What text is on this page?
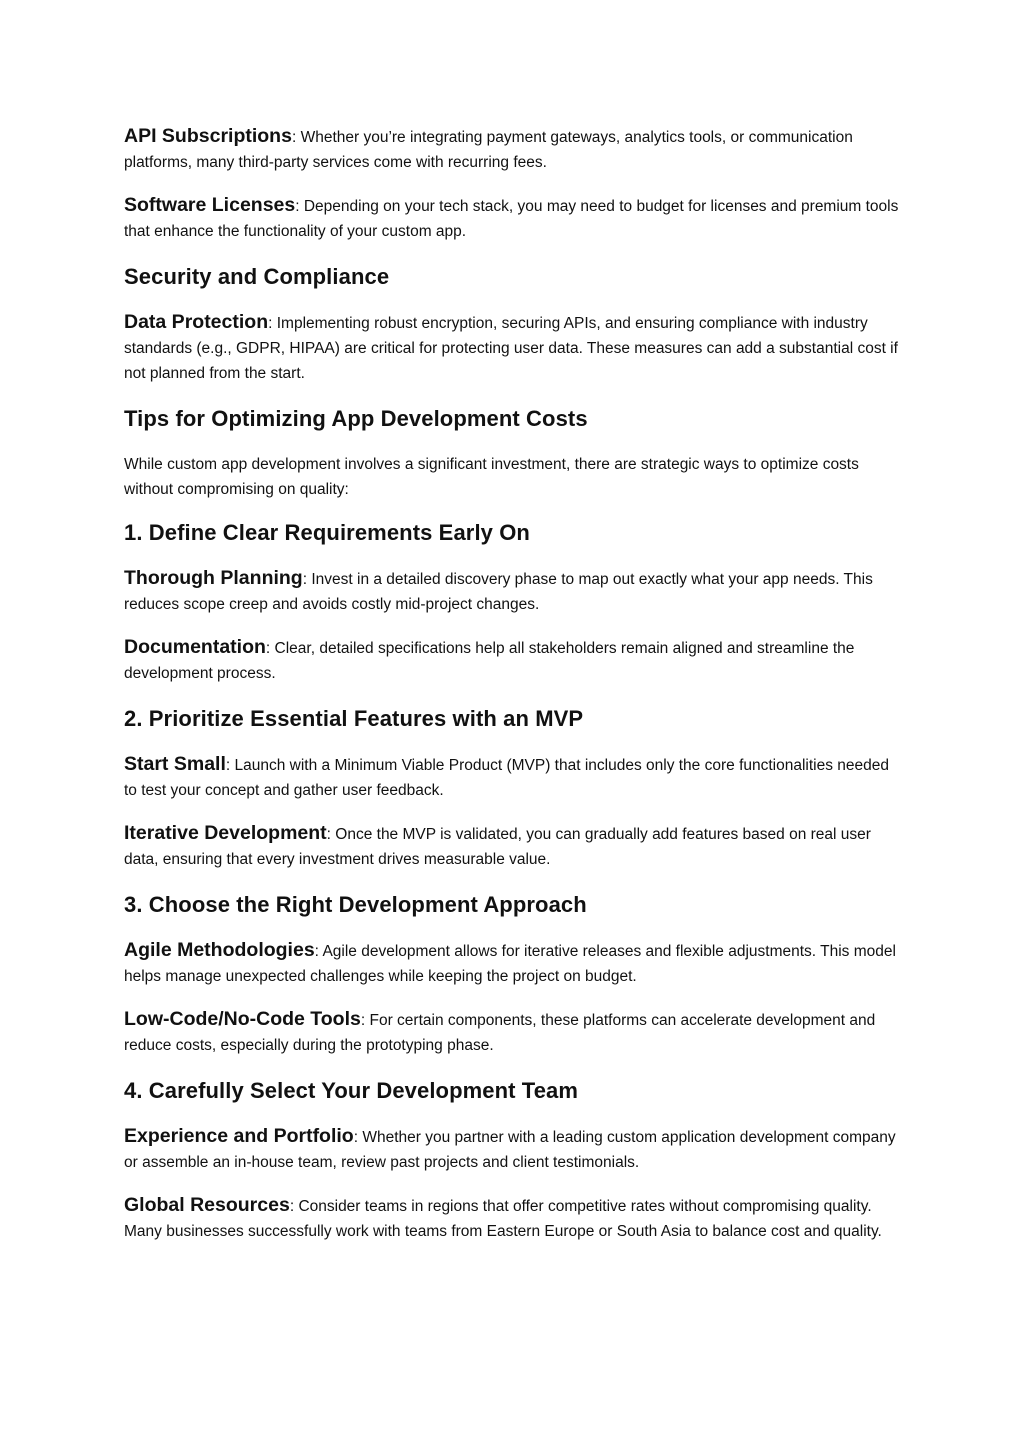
API Subscriptions: Whether you’re integrating payment gateways, analytics tools, or communication platforms, many third-party services come with recurring fees.

Software Licenses: Depending on your tech stack, you may need to budget for licenses and premium tools that enhance the functionality of your custom app.

Security and Compliance

Data Protection: Implementing robust encryption, securing APIs, and ensuring compliance with industry standards (e.g., GDPR, HIPAA) are critical for protecting user data. These measures can add a substantial cost if not planned from the start.

Tips for Optimizing App Development Costs

While custom app development involves a significant investment, there are strategic ways to optimize costs without compromising on quality:

1. Define Clear Requirements Early On

Thorough Planning: Invest in a detailed discovery phase to map out exactly what your app needs. This reduces scope creep and avoids costly mid-project changes.

Documentation: Clear, detailed specifications help all stakeholders remain aligned and streamline the development process.

2. Prioritize Essential Features with an MVP

Start Small: Launch with a Minimum Viable Product (MVP) that includes only the core functionalities needed to test your concept and gather user feedback.

Iterative Development: Once the MVP is validated, you can gradually add features based on real user data, ensuring that every investment drives measurable value.

3. Choose the Right Development Approach

Agile Methodologies: Agile development allows for iterative releases and flexible adjustments. This model helps manage unexpected challenges while keeping the project on budget.

Low-Code/No-Code Tools: For certain components, these platforms can accelerate development and reduce costs, especially during the prototyping phase.

4. Carefully Select Your Development Team

Experience and Portfolio: Whether you partner with a leading custom application development company or assemble an in-house team, review past projects and client testimonials.

Global Resources: Consider teams in regions that offer competitive rates without compromising quality. Many businesses successfully work with teams from Eastern Europe or South Asia to balance cost and quality.
